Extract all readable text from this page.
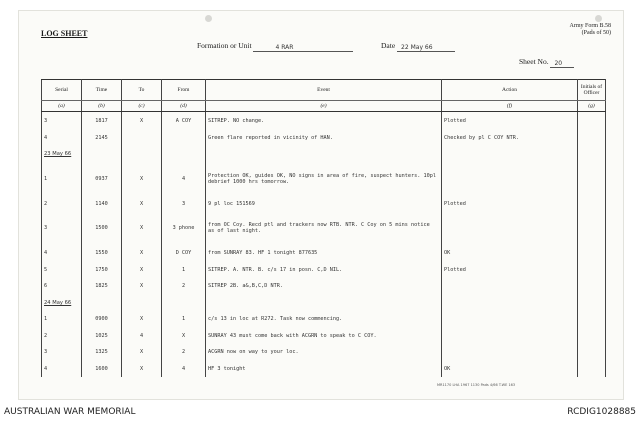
LOG SHEET
Army Form B.58
(Pads of 50)
Formation or Unit	4 RAR	Date 22 May 66
Sheet No. 20
Serial	Time	To	From	Event	Action	Initials of Officer
(a)	(b)	(c)	(d)	(e)	(f)	(g)
3	1817	X	A COY	SITREP. NO change.	Plotted	
4	2145			Green flare reported in vicinity of HAN.	Checked by pl C COY NTR.	
23 May 66						
1	0937	X	4	Protection OK, guides OK, NO signs in area of fire, suspect hunters. 10pl debrief 1000 hrs tomorrow.		
2	1140	X	3	9 pl loc 151569	Plotted	
3	1500	X	3 phone	from OC Coy. Recd ptl and trackers now RTB. NTR. C Coy on 5 mins notice as of last night.		
4	1550	X	D COY	from SUNRAY 83. HF 1 tonight 877635	OK	
5	1750	X	1	SITREP. A. NTR. B. c/s 17 in posn. C,D NIL.	Plotted	
6	1825	X	2	SITREP 2B. a&,B,C,D NTR.		
24 May 66						
1	0900	X	1	c/s 13 in loc at R272. Task now commencing.		
2	1025	4	X	SUNRAY 43 must come back with ACGRN to speak to C COY.		
3	1325	X	2	ACGRN now on way to your loc.		
4	1600	X	4	HF 3 tonight	OK	
MR1170 LHA 1967 1130 Pads 4/66 T.WE 163
AUSTRALIAN WAR MEMORIAL	RCDIG1028885
